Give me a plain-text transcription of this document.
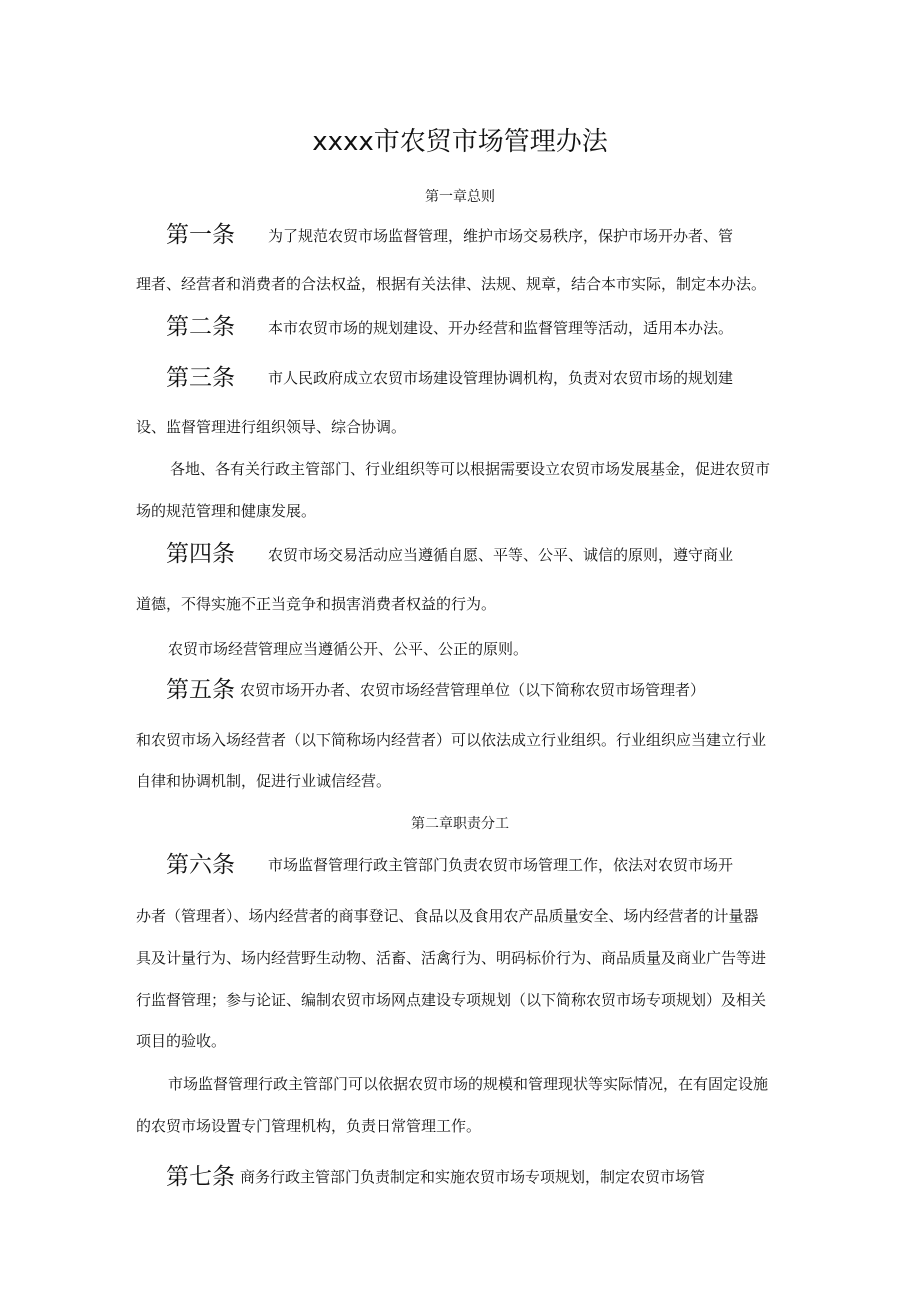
xxxx市农贸市场管理办法

第一章总则

第一条 为了规范农贸市场监督管理，维护市场交易秩序，保护市场开办者、管

理者、经营者和消费者的合法权益，根据有关法律、法规、规章，结合本市实际，制定本办法。

第二条 本市农贸市场的规划建设、开办经营和监督管理等活动，适用本办法。

第三条 市人民政府成立农贸市场建设管理协调机构，负责对农贸市场的规划建

设、监督管理进行组织领导、综合协调。

各地、各有关行政主管部门、行业组织等可以根据需要设立农贸市场发展基金，促进农贸市

场的规范管理和健康发展。

第四条 农贸市场交易活动应当遵循自愿、平等、公平、诚信的原则，遵守商业

道德，不得实施不正当竞争和损害消费者权益的行为。

农贸市场经营管理应当遵循公开、公平、公正的原则。

第五条 农贸市场开办者、农贸市场经营管理单位（以下简称农贸市场管理者）

和农贸市场入场经营者（以下简称场内经营者）可以依法成立行业组织。行业组织应当建立行业

自律和协调机制，促进行业诚信经营。

第二章职责分工

第六条 市场监督管理行政主管部门负责农贸市场管理工作，依法对农贸市场开

办者（管理者）、场内经营者的商事登记、食品以及食用农产品质量安全、场内经营者的计量器

具及计量行为、场内经营野生动物、活畜、活禽行为、明码标价行为、商品质量及商业广告等进

行监督管理；参与论证、编制农贸市场网点建设专项规划（以下简称农贸市场专项规划）及相关

项目的验收。

市场监督管理行政主管部门可以依据农贸市场的规模和管理现状等实际情况，在有固定设施

的农贸市场设置专门管理机构，负责日常管理工作。

第七条 商务行政主管部门负责制定和实施农贸市场专项规划，制定农贸市场管
